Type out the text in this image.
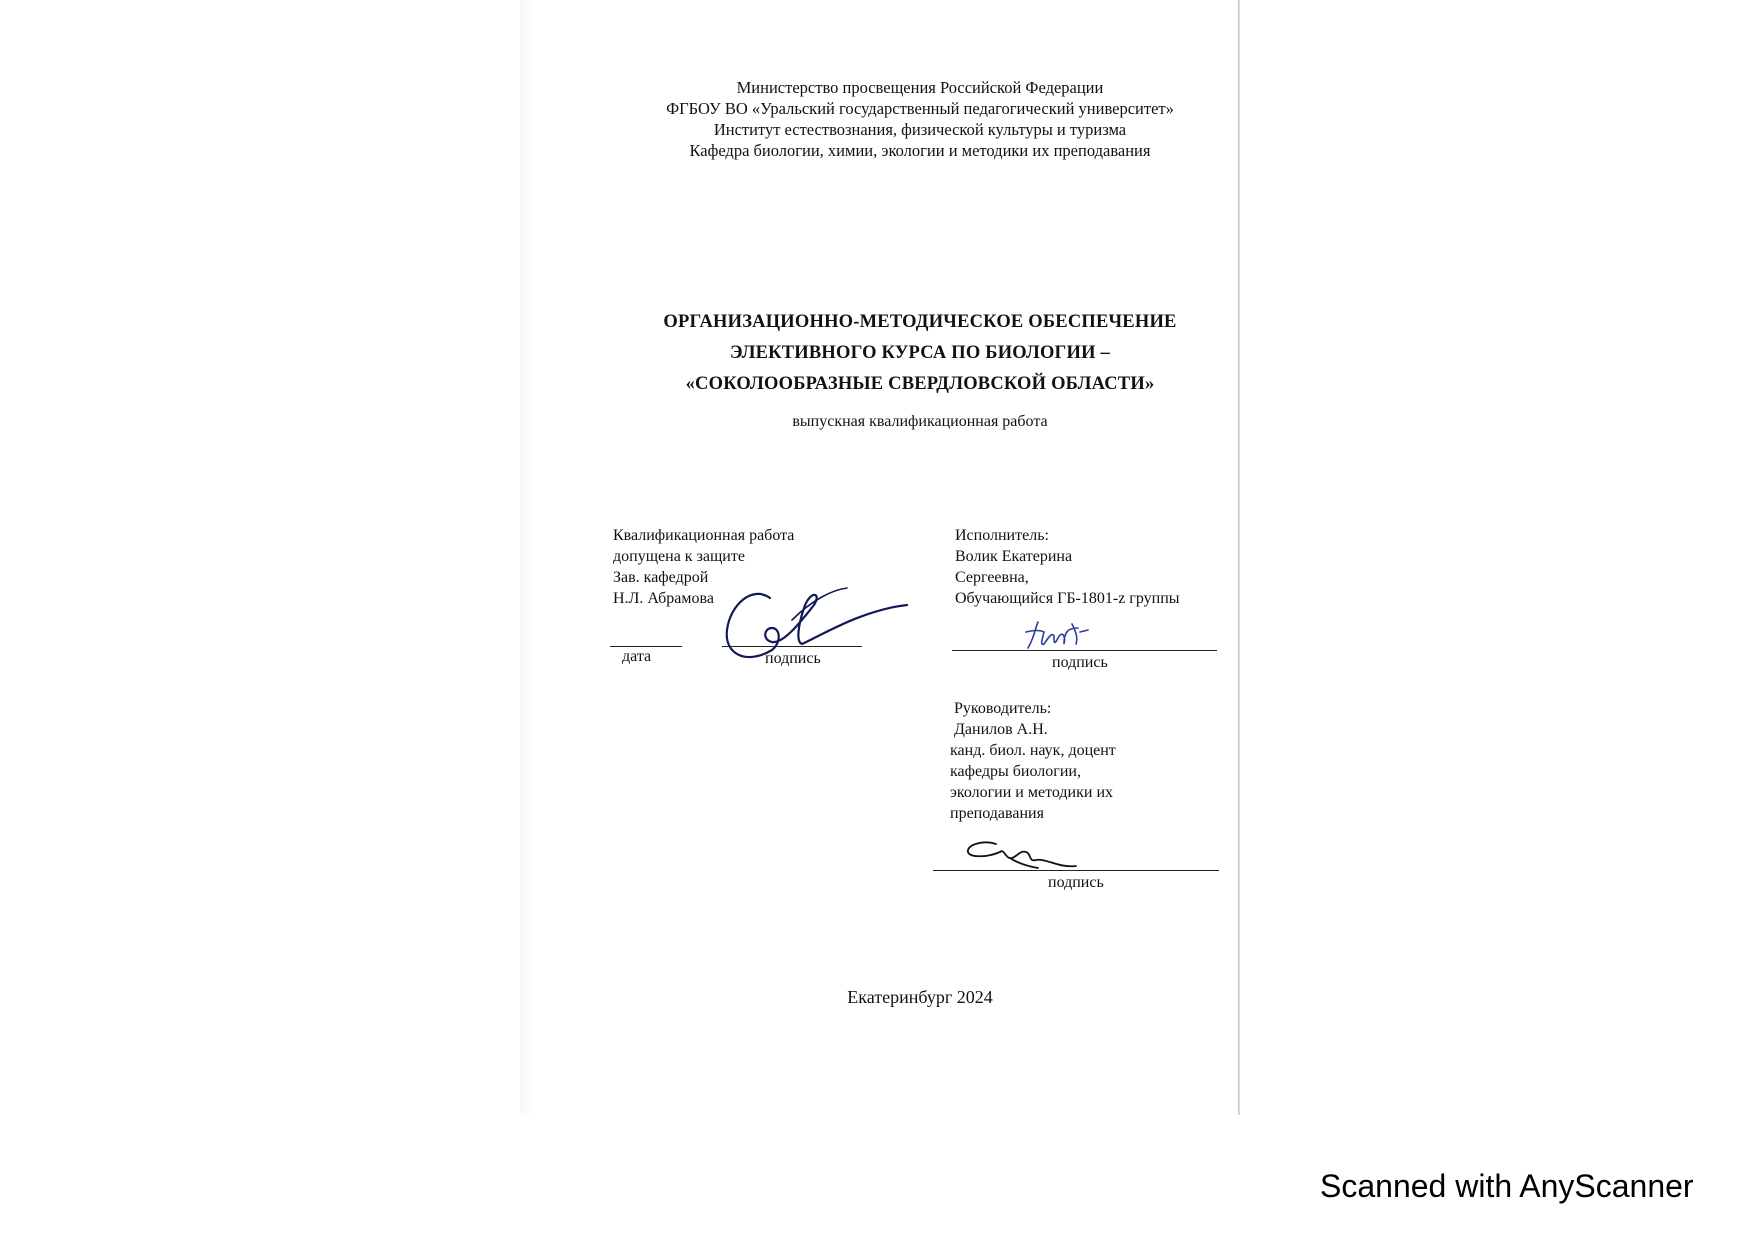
Министерство просвещения Российской Федерации
ФГБОУ ВО «Уральский государственный педагогический университет»
Институт естествознания, физической культуры и туризма
Кафедра биологии, химии, экологии и методики их преподавания
ОРГАНИЗАЦИОННО-МЕТОДИЧЕСКОЕ ОБЕСПЕЧЕНИЕ
ЭЛЕКТИВНОГО КУРСА ПО БИОЛОГИИ –
«СОКОЛООБРАЗНЫЕ СВЕРДЛОВСКОЙ ОБЛАСТИ»
выпускная квалификационная работа
Квалификационная работа
допущена к защите
Зав. кафедрой
Н.Л. Абрамова
дата	подпись
Исполнитель:
Волик Екатерина
Сергеевна,
Обучающийся ГБ-1801-z группы
подпись
Руководитель:
Данилов А.Н.
канд. биол. наук, доцент
кафедры биологии,
экологии и методики их
преподавания
подпись
Екатеринбург 2024
Scanned with AnyScanner
